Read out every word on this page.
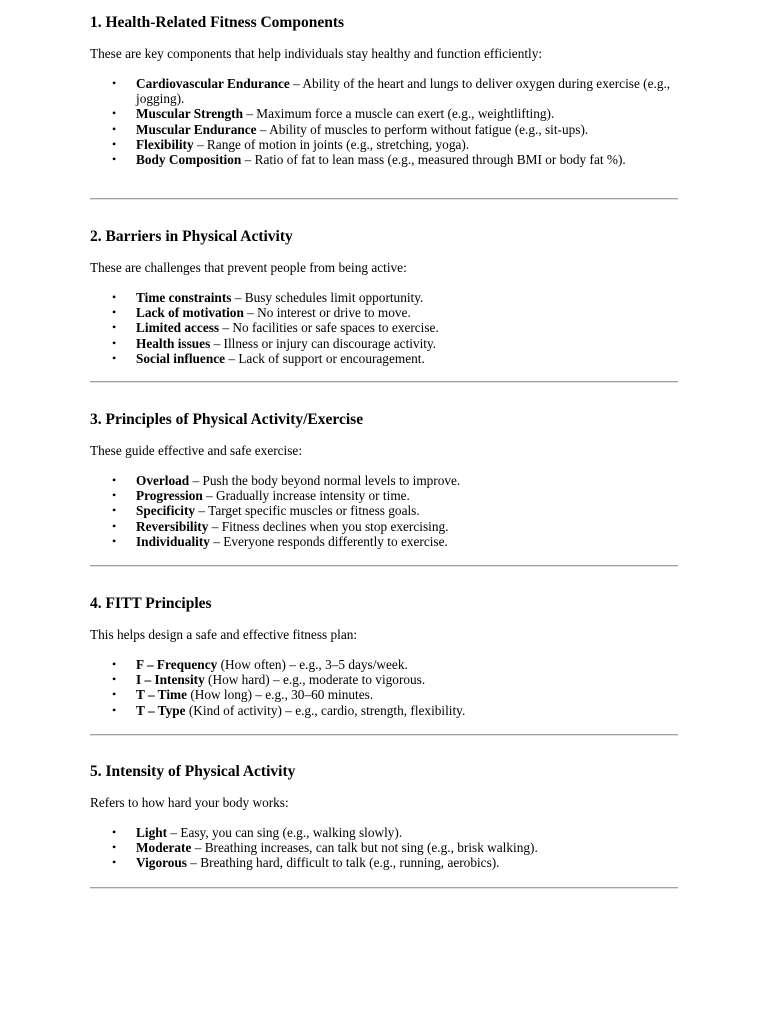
1. Health-Related Fitness Components

These are key components that help individuals stay healthy and function efficiently:

• Cardiovascular Endurance – Ability of the heart and lungs to deliver oxygen during exercise (e.g., jogging).
• Muscular Strength – Maximum force a muscle can exert (e.g., weightlifting).
• Muscular Endurance – Ability of muscles to perform without fatigue (e.g., sit-ups).
• Flexibility – Range of motion in joints (e.g., stretching, yoga).
• Body Composition – Ratio of fat to lean mass (e.g., measured through BMI or body fat %).
2. Barriers in Physical Activity

These are challenges that prevent people from being active:

• Time constraints – Busy schedules limit opportunity.
• Lack of motivation – No interest or drive to move.
• Limited access – No facilities or safe spaces to exercise.
• Health issues – Illness or injury can discourage activity.
• Social influence – Lack of support or encouragement.
3. Principles of Physical Activity/Exercise

These guide effective and safe exercise:

• Overload – Push the body beyond normal levels to improve.
• Progression – Gradually increase intensity or time.
• Specificity – Target specific muscles or fitness goals.
• Reversibility – Fitness declines when you stop exercising.
• Individuality – Everyone responds differently to exercise.
4. FITT Principles

This helps design a safe and effective fitness plan:

• F – Frequency (How often) – e.g., 3–5 days/week.
• I – Intensity (How hard) – e.g., moderate to vigorous.
• T – Time (How long) – e.g., 30–60 minutes.
• T – Type (Kind of activity) – e.g., cardio, strength, flexibility.
5. Intensity of Physical Activity

Refers to how hard your body works:

• Light – Easy, you can sing (e.g., walking slowly).
• Moderate – Breathing increases, can talk but not sing (e.g., brisk walking).
• Vigorous – Breathing hard, difficult to talk (e.g., running, aerobics).
